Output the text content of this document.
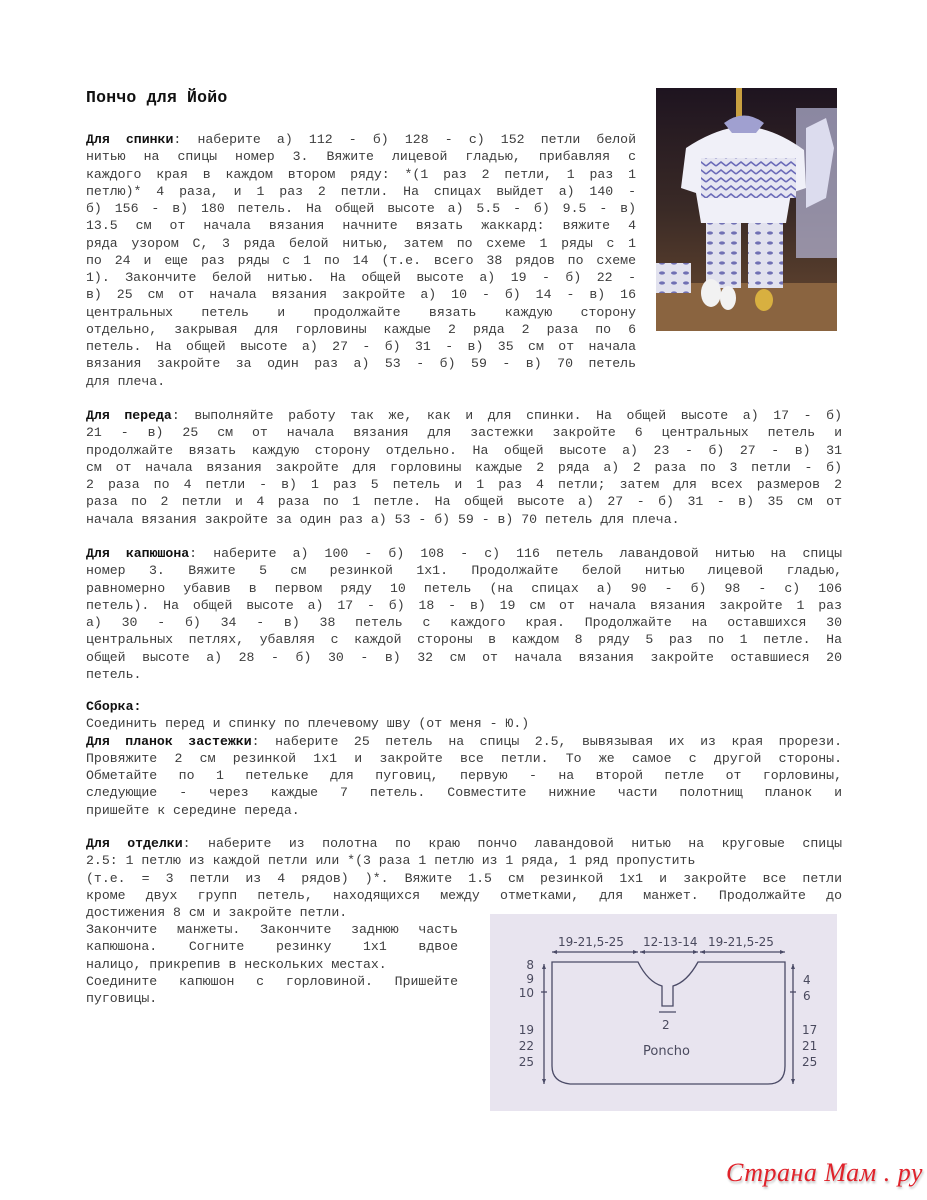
Пончо для Йойо
Для спинки: наберите а) 112 - б) 128 - с) 152 петли белой
нитью на спицы номер 3. Вяжите лицевой гладью, прибавляя с
каждого края в каждом втором ряду: *(1 раз 2 петли, 1 раз 1
петлю)* 4 раза, и 1 раз 2 петли. На спицах выйдет а) 140 -
б) 156 - в) 180 петель. На общей высоте а) 5.5 - б) 9.5 - в)
13.5 см от начала вязания начните вязать жаккард: вяжите 4
ряда узором С, 3 ряда белой нитью, затем по схеме 1 ряды с 1
по 24 и еще раз ряды с 1 по 14 (т.е. всего 38 рядов по схеме
1). Закончите белой нитью. На общей высоте а) 19 - б) 22 -
в) 25 см от начала вязания закройте а) 10 - б) 14 - в) 16
центральных петель и продолжайте вязать каждую сторону
отдельно, закрывая для горловины каждые 2 ряда 2 раза по 6
петель. На общей высоте а) 27 - б) 31 - в) 35 см от начала
вязания закройте за один раз а) 53 - б) 59 - в) 70 петель
для плеча.
Для переда: выполняйте работу так же, как и для спинки. На общей высоте а) 17 - б)
21 - в) 25 см от начала вязания для застежки закройте 6 центральных петель и
продолжайте вязать каждую сторону отдельно. На общей высоте а) 23 - б) 27 - в) 31
см от начала вязания закройте для горловины каждые 2 ряда а) 2 раза по 3 петли - б)
2 раза по 4 петли - в) 1 раз 5 петель и 1 раз 4 петли; затем для всех размеров 2
раза по 2 петли и 4 раза по 1 петле. На общей высоте а) 27 - б) 31 - в) 35 см от
начала вязания закройте за один раз а) 53 - б) 59 - в) 70 петель для плеча.
Для капюшона: наберите а) 100 - б) 108 - с) 116 петель лавандовой нитью на спицы
номер 3. Вяжите 5 см резинкой 1х1. Продолжайте белой нитью лицевой гладью,
равномерно убавив в первом ряду 10 петель (на спицах а) 90 - б) 98 - с) 106
петель). На общей высоте а) 17 - б) 18 - в) 19 см от начала вязания закройте 1 раз
а) 30 - б) 34 - в) 38 петель с каждого края. Продолжайте на оставшихся 30
центральных петлях, убавляя с каждой стороны в каждом 8 ряду 5 раз по 1 петле. На
общей высоте а) 28 - б) 30 - в) 32 см от начала вязания закройте оставшиеся 20
петель.
Сборка:
Соединить перед и спинку по плечевому шву (от меня - Ю.)
Для планок застежки: наберите 25 петель на спицы 2.5, вывязывая их из края прорези.
Провяжите 2 см резинкой 1х1 и закройте все петли. То же самое с другой стороны.
Обметайте по 1 петельке для пуговиц, первую - на второй петле от горловины,
следующие - через каждые 7 петель. Совместите нижние части полотнищ планок и
пришейте к середине переда.
Для отделки: наберите из полотна по краю пончо лавандовой нитью на круговые спицы
2.5: 1 петлю из каждой петли или *(3 раза 1 петлю из 1 ряда, 1 ряд пропустить
(т.е. = 3 петли из 4 рядов) )*. Вяжите 1.5 см резинкой 1х1 и закройте все петли
кроме двух групп петель, находящихся между отметками, для манжет. Продолжайте до
достижения 8 см и закройте петли.
Закончите манжеты. Закончите заднюю часть
капюшона. Согните резинку 1х1 вдвое
налицо, прикрепив в нескольких местах.
Соедините капюшон с горловиной. Пришейте
пуговицы.
19-21,5-25 12-13-14 19-21,5-25
8
9
10
19
22
25
4
6
17
21
25
2
Poncho
Страна Мам . ру
